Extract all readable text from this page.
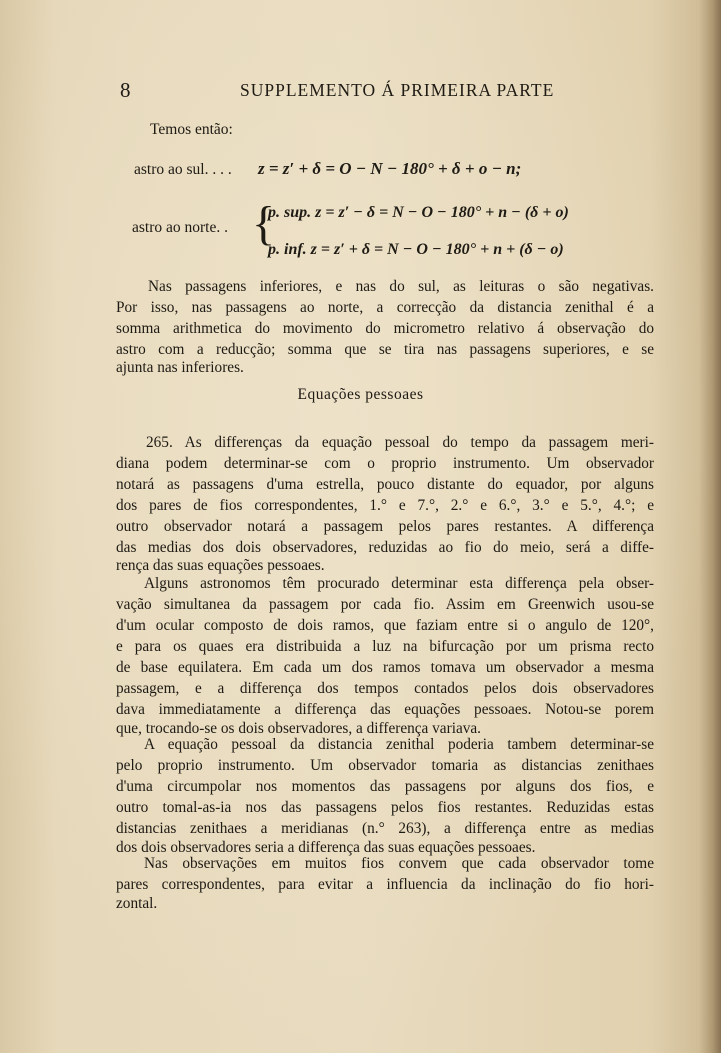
8	SUPPLEMENTO Á PRIMEIRA PARTE
Temos então:
astro ao sul. . . . z = z′ + δ = O − N − 180° + δ + o − n;
astro ao norte. . {
p. sup. z = z′ − δ = N − O − 180° + n − (δ + o)
p. inf. z = z′ + δ = N − O − 180° + n + (δ − o)
Nas passagens inferiores, e nas do sul, as leituras o são negativas.
Por isso, nas passagens ao norte, a correcção da distancia zenithal é a
somma arithmetica do movimento do micrometro relativo á observação do
astro com a reducção; somma que se tira nas passagens superiores, e se
ajunta nas inferiores.
Equações pessoaes
265. As differenças da equação pessoal do tempo da passagem meri-
diana podem determinar-se com o proprio instrumento. Um observador
notará as passagens d'uma estrella, pouco distante do equador, por alguns
dos pares de fios correspondentes, 1.° e 7.°, 2.° e 6.°, 3.° e 5.°, 4.°; e
outro observador notará a passagem pelos pares restantes. A differença
das medias dos dois observadores, reduzidas ao fio do meio, será a diffe-
rença das suas equações pessoaes.
Alguns astronomos têm procurado determinar esta differença pela obser-
vação simultanea da passagem por cada fio. Assim em Greenwich usou-se
d'um ocular composto de dois ramos, que faziam entre si o angulo de 120°,
e para os quaes era distribuida a luz na bifurcação por um prisma recto
de base equilatera. Em cada um dos ramos tomava um observador a mesma
passagem, e a differença dos tempos contados pelos dois observadores
dava immediatamente a differença das equações pessoaes. Notou-se porem
que, trocando-se os dois observadores, a differença variava.
A equação pessoal da distancia zenithal poderia tambem determinar-se
pelo proprio instrumento. Um observador tomaria as distancias zenithaes
d'uma circumpolar nos momentos das passagens por alguns dos fios, e
outro tomal-as-ia nos das passagens pelos fios restantes. Reduzidas estas
distancias zenithaes a meridianas (n.° 263), a differença entre as medias
dos dois observadores seria a differença das suas equações pessoaes.
Nas observações em muitos fios convem que cada observador tome
pares correspondentes, para evitar a influencia da inclinação do fio hori-
zontal.
